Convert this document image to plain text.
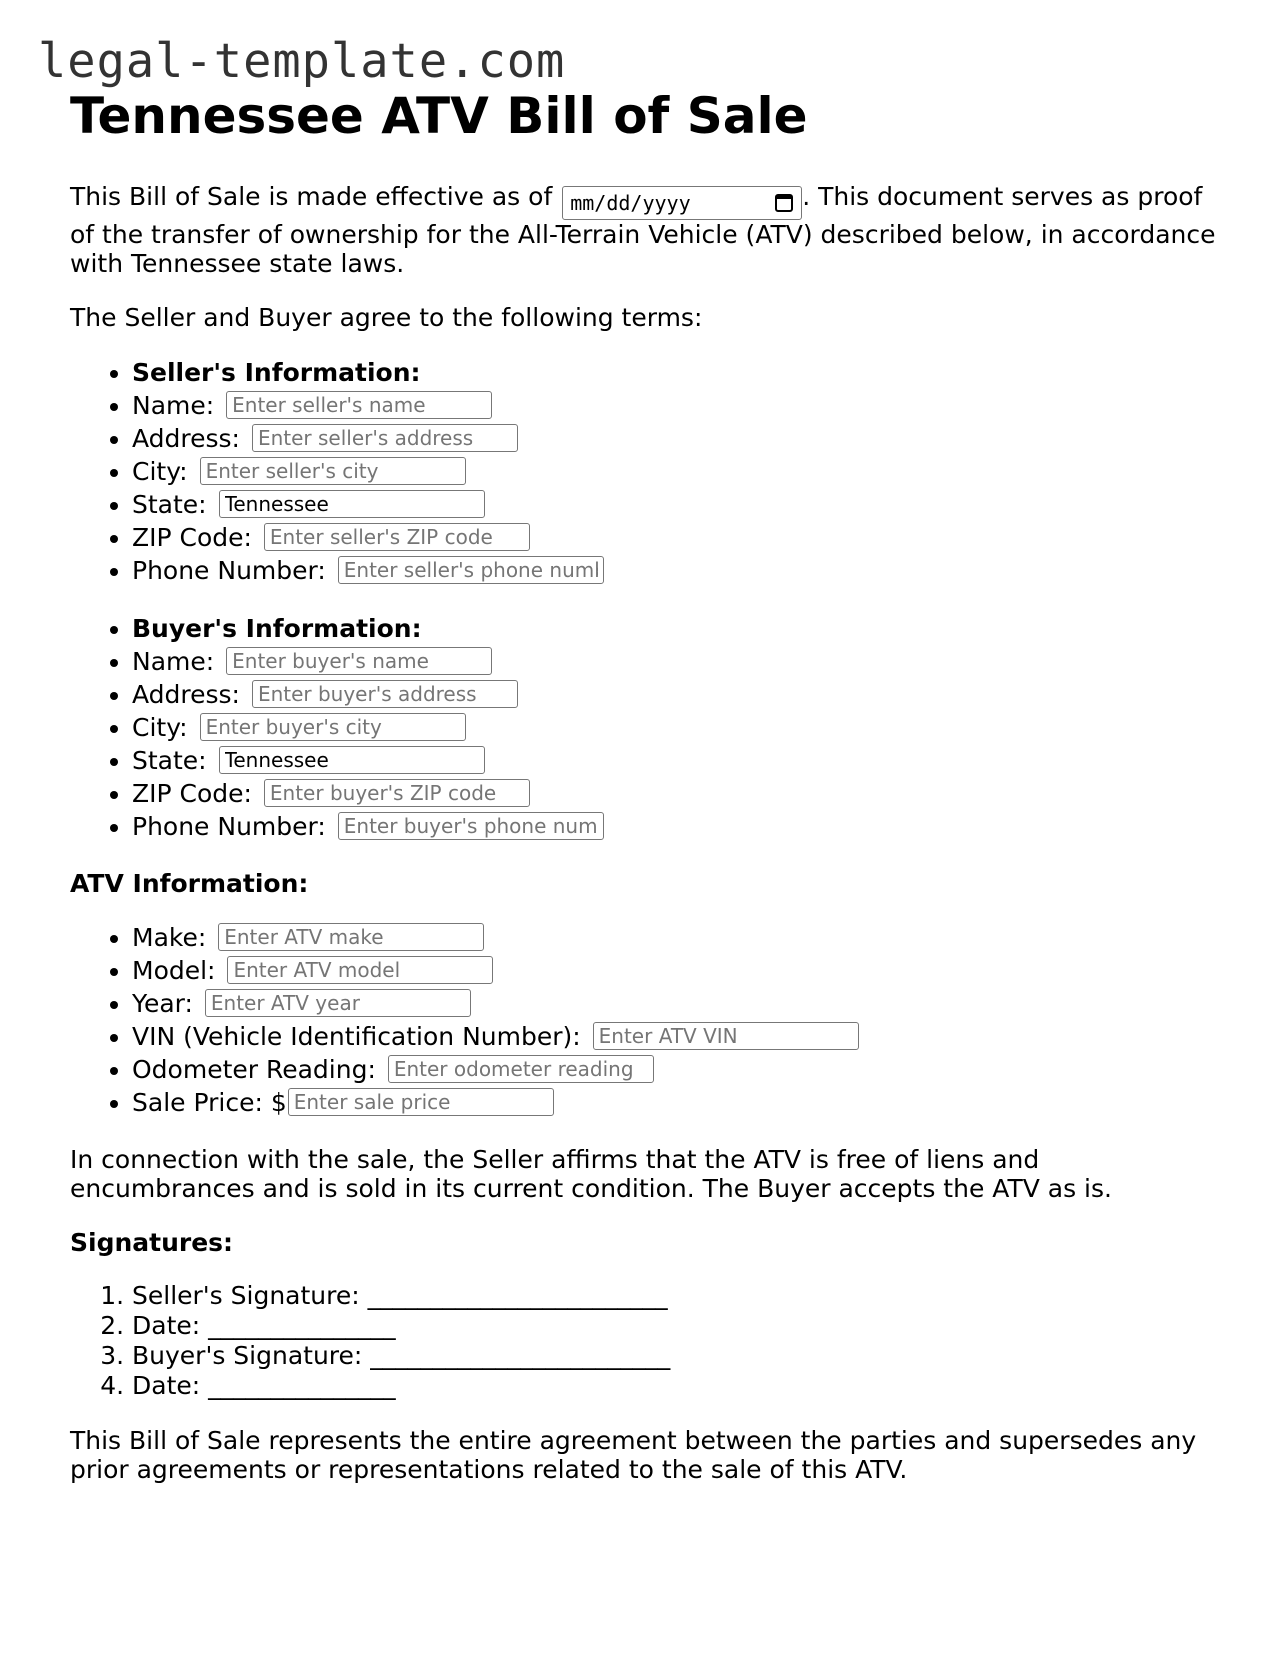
legal-template.com
Tennessee ATV Bill of Sale

This Bill of Sale is made effective as of mm/dd/yyyy	. This document serves as proof of the transfer of ownership for the All-Terrain Vehicle (ATV) described below, in accordance with Tennessee state laws.

The Seller and Buyer agree to the following terms:

• Seller's Information:
• Name: Enter seller's name
• Address: Enter seller's address
• City: Enter seller's city
• State: Tennessee
• ZIP Code: Enter seller's ZIP code
• Phone Number: Enter seller's phone number
• Buyer's Information:
• Name: Enter buyer's name
• Address: Enter buyer's address
• City: Enter buyer's city
• State: Tennessee
• ZIP Code: Enter buyer's ZIP code
• Phone Number: Enter buyer's phone number
ATV Information:
• Make: Enter ATV make
• Model: Enter ATV model
• Year: Enter ATV year
• VIN (Vehicle Identification Number): Enter ATV VIN
• Odometer Reading: Enter odometer reading
• Sale Price: $Enter sale price

In connection with the sale, the Seller affirms that the ATV is free of liens and encumbrances and is sold in its current condition. The Buyer accepts the ATV as is.

Signatures:
1. Seller's Signature: ________________________
2. Date: _______________
3. Buyer's Signature: ________________________
4. Date: _______________

This Bill of Sale represents the entire agreement between the parties and supersedes any prior agreements or representations related to the sale of this ATV.
